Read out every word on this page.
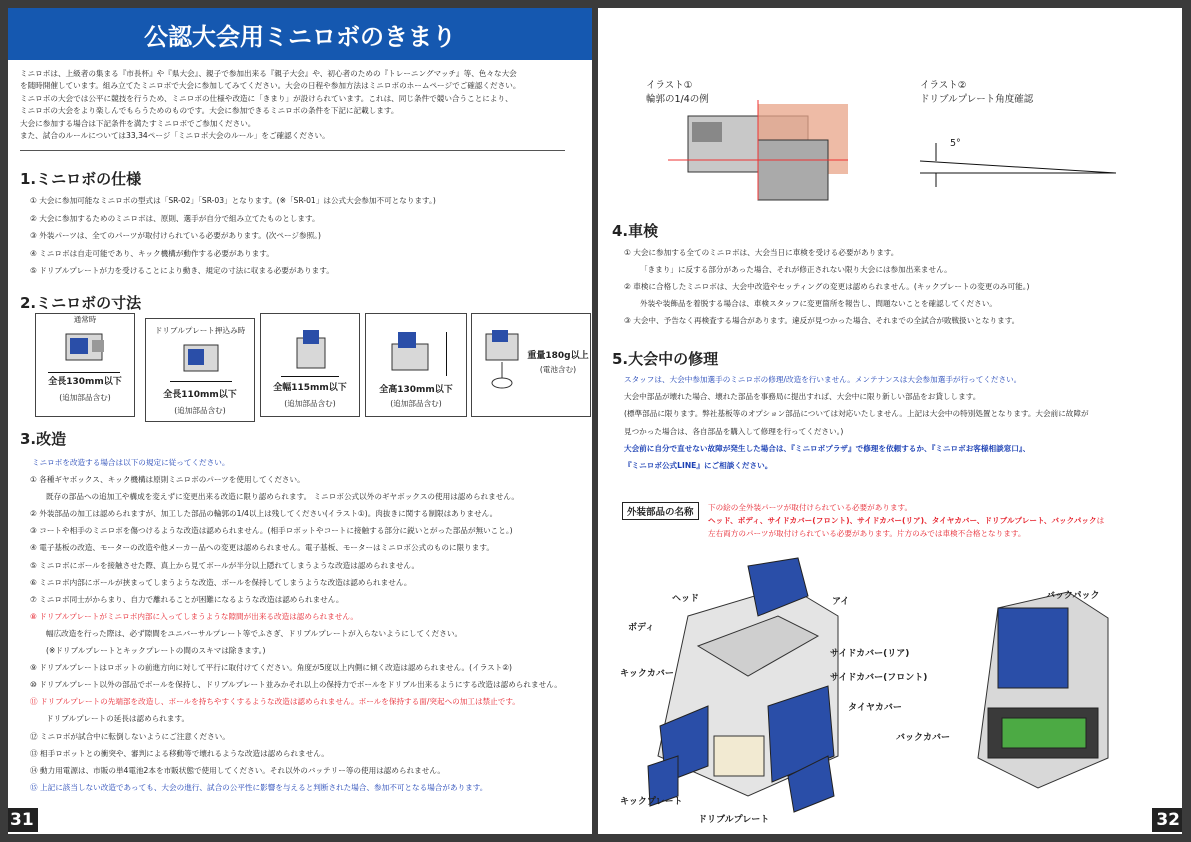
公認大会用ミニロボのきまり
ミニロボは、上級者の集まる『市長杯』や『県大会』、親子で参加出来る『親子大会』や、初心者のための『トレーニングマッチ』等、色々な大会
を随時開催しています。組み立てたミニロボで大会に参加してみてください。大会の日程や参加方法はミニロボのホームページでご確認ください。
ミニロボの大会では公平に競技を行うため、ミニロボの仕様や改造に「きまり」が設けられています。これは、同じ条件で競い合うことにより、
ミニロボの大会をより楽しんでもらうためのものです。大会に参加できるミニロボの条件を下記に記載します。
大会に参加する場合は下記条件を満たすミニロボでご参加ください。
また、試合のルールについては33,34ページ「ミニロボ大会のルール」をご確認ください。
1.ミニロボの仕様
① 大会に参加可能なミニロボの型式は「SR-02」「SR-03」となります。(※「SR-01」は公式大会参加不可となります。)
② 大会に参加するためのミニロボは、原則、選手が自分で組み立てたものとします。
③ 外装パーツは、全てのパーツが取付けられている必要があります。(次ページ参照。)
④ ミニロボは自走可能であり、キック機構が動作する必要があります。
⑤ ドリブルプレートが力を受けることにより動き、規定の寸法に収まる必要があります。
2.ミニロボの寸法
通常時
全長130mm以下
(追加部品含む)
ドリブルプレート押込み時
全長110mm以下
(追加部品含む)
全幅115mm以下
(追加部品含む)
全高130mm以下
(追加部品含む)
重量180g以上
(電池含む)
3.改造
ミニロボを改造する場合は以下の規定に従ってください。
① 各種ギヤボックス、キック機構は原則ミニロボのパーツを使用してください。
既存の部品への追加工や構成を変えずに変更出来る改造に限り認められます。 ミニロボ公式以外のギヤボックスの使用は認められません。
② 外装部品の加工は認められますが、加工した部品の輪郭の1/4以上は残してください(イラスト①)。肉抜きに関する制限はありません。
③ コートや相手のミニロボを傷つけるような改造は認められません。(相手ロボットやコートに接触する部分に鋭いとがった部品が無いこと。)
④ 電子基板の改造、モーターの改造や他メーカー品への変更は認められません。電子基板、モーターはミニロボ公式のものに限ります。
⑤ ミニロボにボールを接触させた際、真上から見てボールが半分以上隠れてしまうような改造は認められません。
⑥ ミニロボ内部にボールが挟まってしまうような改造、ボールを保持してしまうような改造は認められません。
⑦ ミニロボ同士がからまり、自力で離れることが困難になるような改造は認められません。
⑧ ドリブルプレートがミニロボ内部に入ってしまうような隙間が出来る改造は認められません。
幅広改造を行った際は、必ず隙間をユニバーサルプレート等でふさぎ、ドリブルプレートが入らないようにしてください。
(※ドリブルプレートとキックプレートの間のスキマは除きます。)
⑨ ドリブルプレートはロボットの前進方向に対して平行に取付けてください。角度が5度以上内側に傾く改造は認められません。(イラスト②)
⑩ ドリブルプレート以外の部品でボールを保持し、ドリブルプレート並みかそれ以上の保持力でボールをドリブル出来るようにする改造は認められません。
⑪ ドリブルプレートの先端部を改造し、ボールを持ちやすくするような改造は認められません。ボールを保持する面/突起への加工は禁止です。
ドリブルプレートの延長は認められます。
⑫ ミニロボが試合中に転倒しないようにご注意ください。
⑬ 相手ロボットとの衝突や、審判による移動等で壊れるような改造は認められません。
⑭ 動力用電源は、市販の単4電池2本を市販状態で使用してください。それ以外のバッテリー等の使用は認められません。
⑮ 上記に該当しない改造であっても、大会の進行、試合の公平性に影響を与えると判断された場合、参加不可となる場合があります。
31
イラスト①
輪郭の1/4の例
イラスト②
ドリブルプレート角度確認
5°
4.車検
① 大会に参加する全てのミニロボは、大会当日に車検を受ける必要があります。
「きまり」に反する部分があった場合、それが修正されない限り大会には参加出来ません。
② 車検に合格したミニロボは、大会中改造やセッティングの変更は認められません。(キックプレートの変更のみ可能。)
外装や装飾品を着脱する場合は、車検スタッフに変更箇所を報告し、問題ないことを確認してください。
③ 大会中、予告なく再検査する場合があります。違反が見つかった場合、それまでの全試合が敗戦扱いとなります。
5.大会中の修理
スタッフは、大会中参加選手のミニロボの修理/改造を行いません。メンテナンスは大会参加選手が行ってください。
大会中部品が壊れた場合、壊れた部品を事務局に提出すれば、大会中に限り新しい部品をお貸しします。
(標準部品に限ります。弊社基板等のオプション部品については対応いたしません。上記は大会中の特別処置となります。大会前に故障が
見つかった場合は、各自部品を購入して修理を行ってください。)
大会前に自分で直せない故障が発生した場合は、『ミニロボプラザ』で修理を依頼するか、『ミニロボお客様相談窓口』、
『ミニロボ公式LINE』にご相談ください。
外装部品の名称	下の絵の全外装パーツが取付けられている必要があります。
ヘッド、ボディ、サイドカバー(フロント)、サイドカバー(リア)、タイヤカバー、ドリブルプレート、バックパックは
左右両方のパーツが取付けられている必要があります。片方のみでは車検不合格となります。
ヘッド	アイ
ボディ
サイドカバー(リア)
サイドカバー(フロント)
キックカバー
タイヤカバー
キックプレート
ドリブルプレート
バックパック
バックカバー
32
